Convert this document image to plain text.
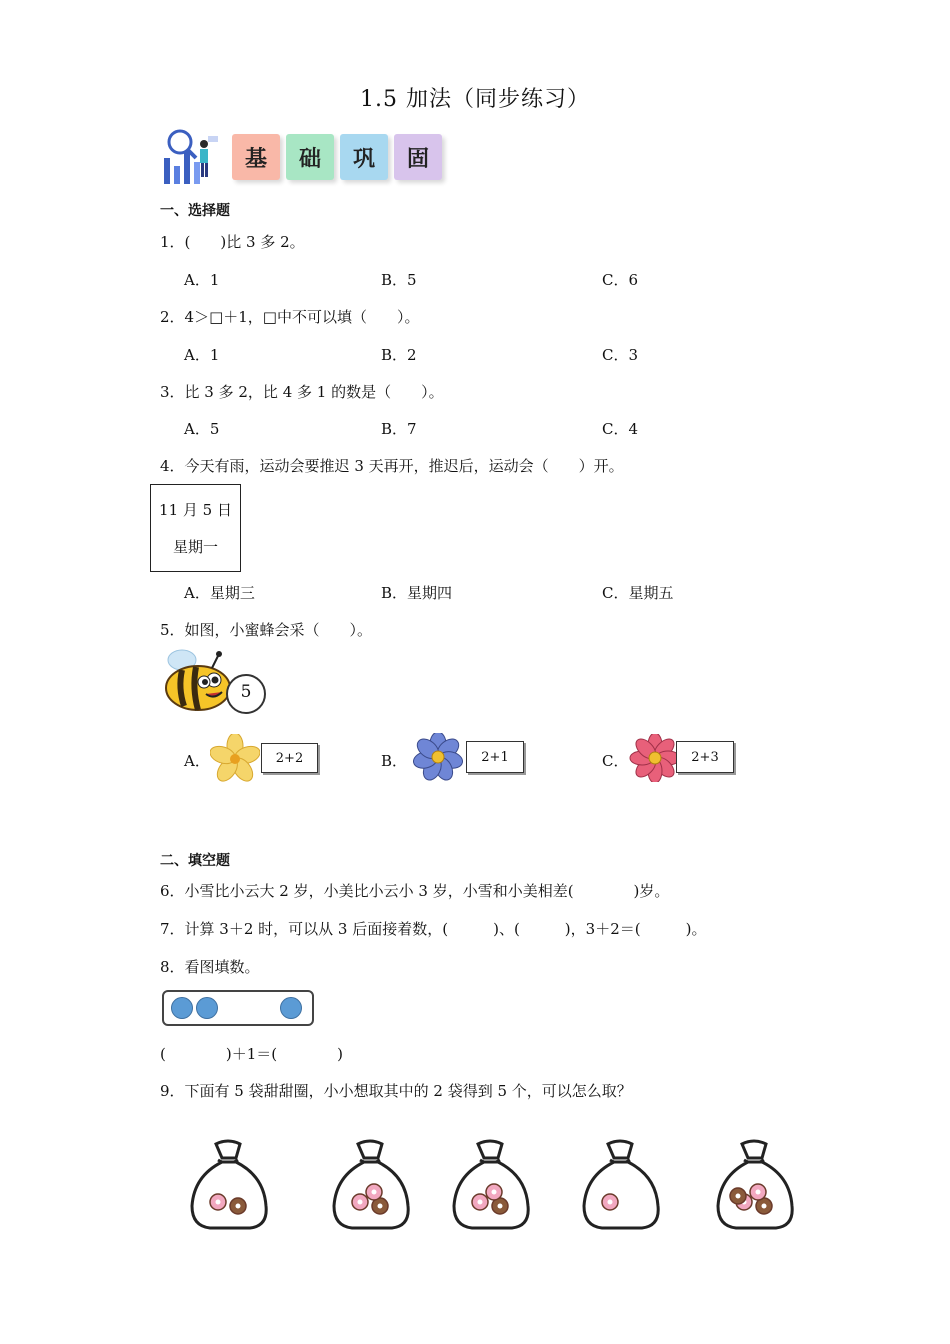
1.5 加法（同步练习）
基	础	巩	固
一、选择题
1．(　　)比 3 多 2。
A．1	B．5	C．6
2．4＞□＋1，□中不可以填（　　）。
A．1	B．2	C．3
3．比 3 多 2，比 4 多 1 的数是（　　）。
A．5	B．7	C．4
4．今天有雨，运动会要推迟 3 天再开，推迟后，运动会（　　）开。
11 月 5 日
星期一
A．星期三	B．星期四	C．星期五
5．如图，小蜜蜂会采（　　）。
5
A．	2+2	B．	2+1	C．	2+3
二、填空题
6．小雪比小云大 2 岁，小美比小云小 3 岁，小雪和小美相差(　　　　)岁。
7．计算 3＋2 时，可以从 3 后面接着数，(　　　)、(　　　)，3＋2＝(　　　)。
8．看图填数。
(　　　　)＋1＝(　　　　)
9．下面有 5 袋甜甜圈，小小想取其中的 2 袋得到 5 个，可以怎么取？
